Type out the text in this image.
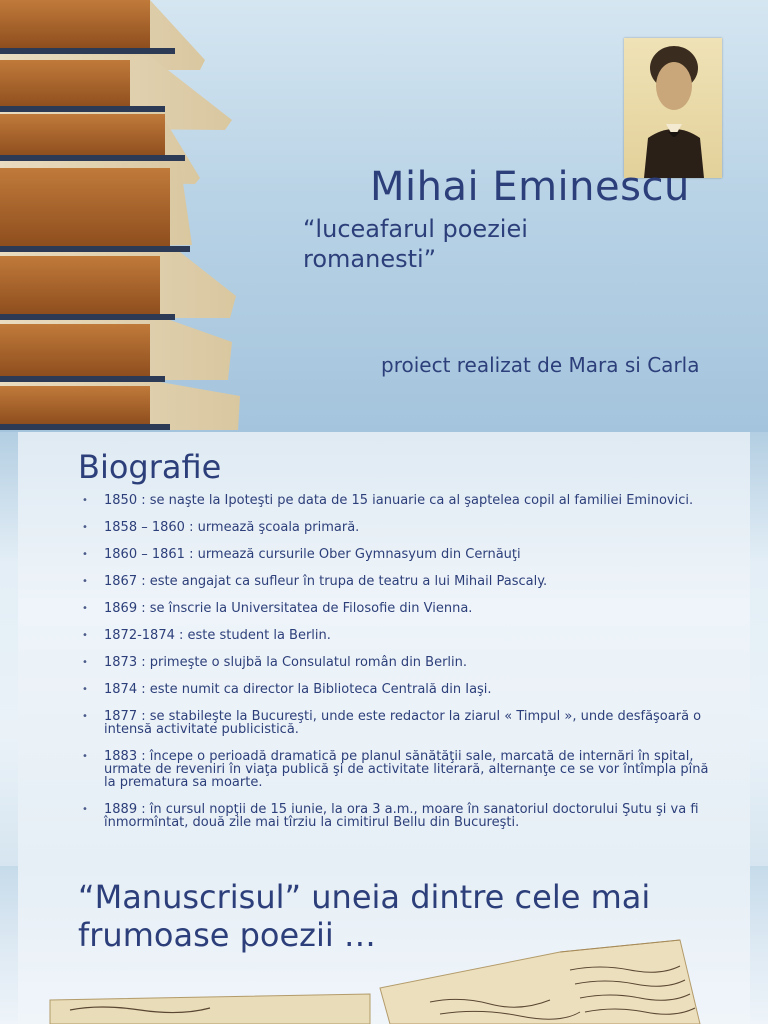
Mihai Eminescu
“luceafarul poeziei romanesti”
proiect realizat de Mara si Carla
Biografie
• 1850 : se naşte la Ipoteşti pe data de 15 ianuarie ca al şaptelea copil al familiei Eminovici.
• 1858 – 1860 : urmează şcoala primară.
• 1860 – 1861 : urmează cursurile Ober Gymnasyum din Cernăuţi
• 1867 : este angajat ca sufleur în trupa de teatru a lui Mihail Pascaly.
• 1869 : se înscrie la Universitatea de Filosofie din Vienna.
• 1872-1874 : este student la Berlin.
• 1873 : primeşte o slujbă la Consulatul român din Berlin.
• 1874 : este numit ca director la Biblioteca Centrală din Iaşi.
• 1877 : se stabileşte la Bucureşti, unde este redactor la ziarul « Timpul », unde desfăşoară o intensă activitate publicistică.
• 1883 : începe o perioadă dramatică pe planul sănătăţii sale, marcată de internări în spital, urmate de reveniri în viaţa publică şi de activitate literară, alternanţe ce se vor întîmpla pînă la prematura sa moarte.
• 1889 : în cursul nopţii de 15 iunie, la ora 3 a.m., moare în sanatoriul doctorului Şutu şi va fi înmormîntat, două zile mai tîrziu la cimitirul Bellu din Bucureşti.
“Manuscrisul” uneia dintre cele mai frumoase poezii …
